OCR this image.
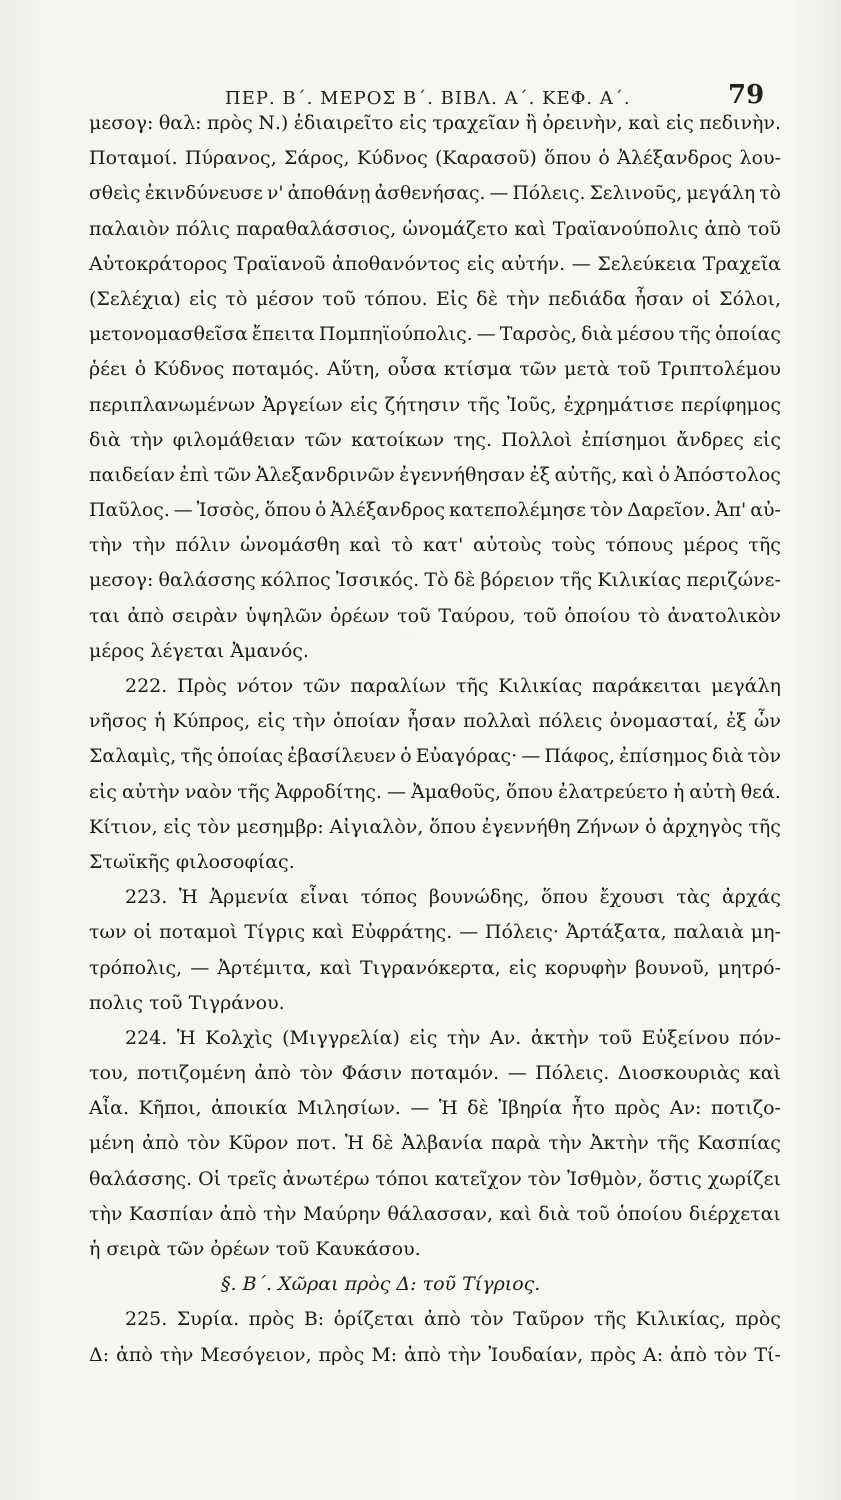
ΠΕΡ. Β΄. ΜΕΡΟΣ Β΄. ΒΙΒΛ. Α΄. ΚΕΦ. Α΄.	79
μεσογ: θαλ: πρὸς Ν.) ἐδιαιρεῖτο εἰς τραχεῖαν ἢ ὀρεινὴν, καὶ εἰς πεδινὴν.
Ποταμοί. Πύρανος, Σάρος, Κύδνος (Καρασοῦ) ὅπου ὁ Ἀλέξανδρος λου-
σθεὶς ἐκινδύνευσε ν' ἀποθάνῃ ἀσθενήσας. — Πόλεις. Σελινοῦς, μεγάλη τὸ
παλαιὸν πόλις παραθαλάσσιος, ὠνομάζετο καὶ Τραϊανούπολις ἀπὸ τοῦ
Αὐτοκράτορος Τραϊανοῦ ἀποθανόντος εἰς αὐτήν. — Σελεύκεια Τραχεῖα
(Σελέχια) εἰς τὸ μέσον τοῦ τόπου. Εἰς δὲ τὴν πεδιάδα ἦσαν οἱ Σόλοι,
μετονομασθεῖσα ἔπειτα Πομπηϊούπολις. — Ταρσὸς, διὰ μέσου τῆς ὁποίας
ῥέει ὁ Κύδνος ποταμός. Αὕτη, οὖσα κτίσμα τῶν μετὰ τοῦ Τριπτολέμου
περιπλανωμένων Ἀργείων εἰς ζήτησιν τῆς Ἰοῦς, ἐχρημάτισε περίφημος
διὰ τὴν φιλομάθειαν τῶν κατοίκων της. Πολλοὶ ἐπίσημοι ἄνδρες εἰς
παιδείαν ἐπὶ τῶν Ἀλεξανδρινῶν ἐγεννήθησαν ἐξ αὐτῆς, καὶ ὁ Ἀπόστολος
Παῦλος. — Ἰσσὸς, ὅπου ὁ Ἀλέξανδρος κατεπολέμησε τὸν Δαρεῖον. Ἀπ' αὐ-
τὴν τὴν πόλιν ὠνομάσθη καὶ τὸ κατ' αὐτοὺς τοὺς τόπους μέρος τῆς
μεσογ: θαλάσσης κόλπος Ἰσσικός. Τὸ δὲ βόρειον τῆς Κιλικίας περιζώνε-
ται ἀπὸ σειρὰν ὑψηλῶν ὀρέων τοῦ Ταύρου, τοῦ ὁποίου τὸ ἀνατολικὸν
μέρος λέγεται Ἀμανός.
222. Πρὸς νότον τῶν παραλίων τῆς Κιλικίας παράκειται μεγάλη
νῆσος ἡ Κύπρος, εἰς τὴν ὁποίαν ἦσαν πολλαὶ πόλεις ὀνομασταί, ἐξ ὧν
Σαλαμὶς, τῆς ὁποίας ἐβασίλευεν ὁ Εὐαγόρας· — Πάφος, ἐπίσημος διὰ τὸν
εἰς αὐτὴν ναὸν τῆς Ἀφροδίτης. — Ἀμαθοῦς, ὅπου ἐλατρεύετο ἡ αὐτὴ θεά.
Κίτιον, εἰς τὸν μεσημβρ: Αἰγιαλὸν, ὅπου ἐγεννήθη Ζήνων ὁ ἀρχηγὸς τῆς
Στωϊκῆς φιλοσοφίας.
223. Ἡ Ἀρμενία εἶναι τόπος βουνώδης, ὅπου ἔχουσι τὰς ἀρχάς
των οἱ ποταμοὶ Τίγρις καὶ Εὐφράτης. — Πόλεις· Ἀρτάξατα, παλαιὰ μη-
τρόπολις, — Ἀρτέμιτα, καὶ Τιγρανόκερτα, εἰς κορυφὴν βουνοῦ, μητρό-
πολις τοῦ Τιγράνου.
224. Ἡ Κολχὶς (Μιγγρελία) εἰς τὴν Αν. ἀκτὴν τοῦ Εὐξείνου πόν-
του, ποτιζομένη ἀπὸ τὸν Φάσιν ποταμόν. — Πόλεις. Διοσκουριὰς καὶ
Αἶα. Κῆποι, ἀποικία Μιλησίων. — Ἡ δὲ Ἰβηρία ἦτο πρὸς Αν: ποτιζο-
μένη ἀπὸ τὸν Κῦρον ποτ. Ἡ δὲ Ἀλβανία παρὰ τὴν Ἀκτὴν τῆς Κασπίας
θαλάσσης. Οἱ τρεῖς ἀνωτέρω τόποι κατεῖχον τὸν Ἰσθμὸν, ὅστις χωρίζει
τὴν Κασπίαν ἀπὸ τὴν Μαύρην θάλασσαν, καὶ διὰ τοῦ ὁποίου διέρχεται
ἡ σειρὰ τῶν ὀρέων τοῦ Καυκάσου.
§. Β΄. Χῶραι πρὸς Δ: τοῦ Τίγριος.
225. Συρία. πρὸς Β: ὁρίζεται ἀπὸ τὸν Ταῦρον τῆς Κιλικίας, πρὸς
Δ: ἀπὸ τὴν Μεσόγειον, πρὸς Μ: ἀπὸ τὴν Ἰουδαίαν, πρὸς Α: ἀπὸ τὸν Τί-
